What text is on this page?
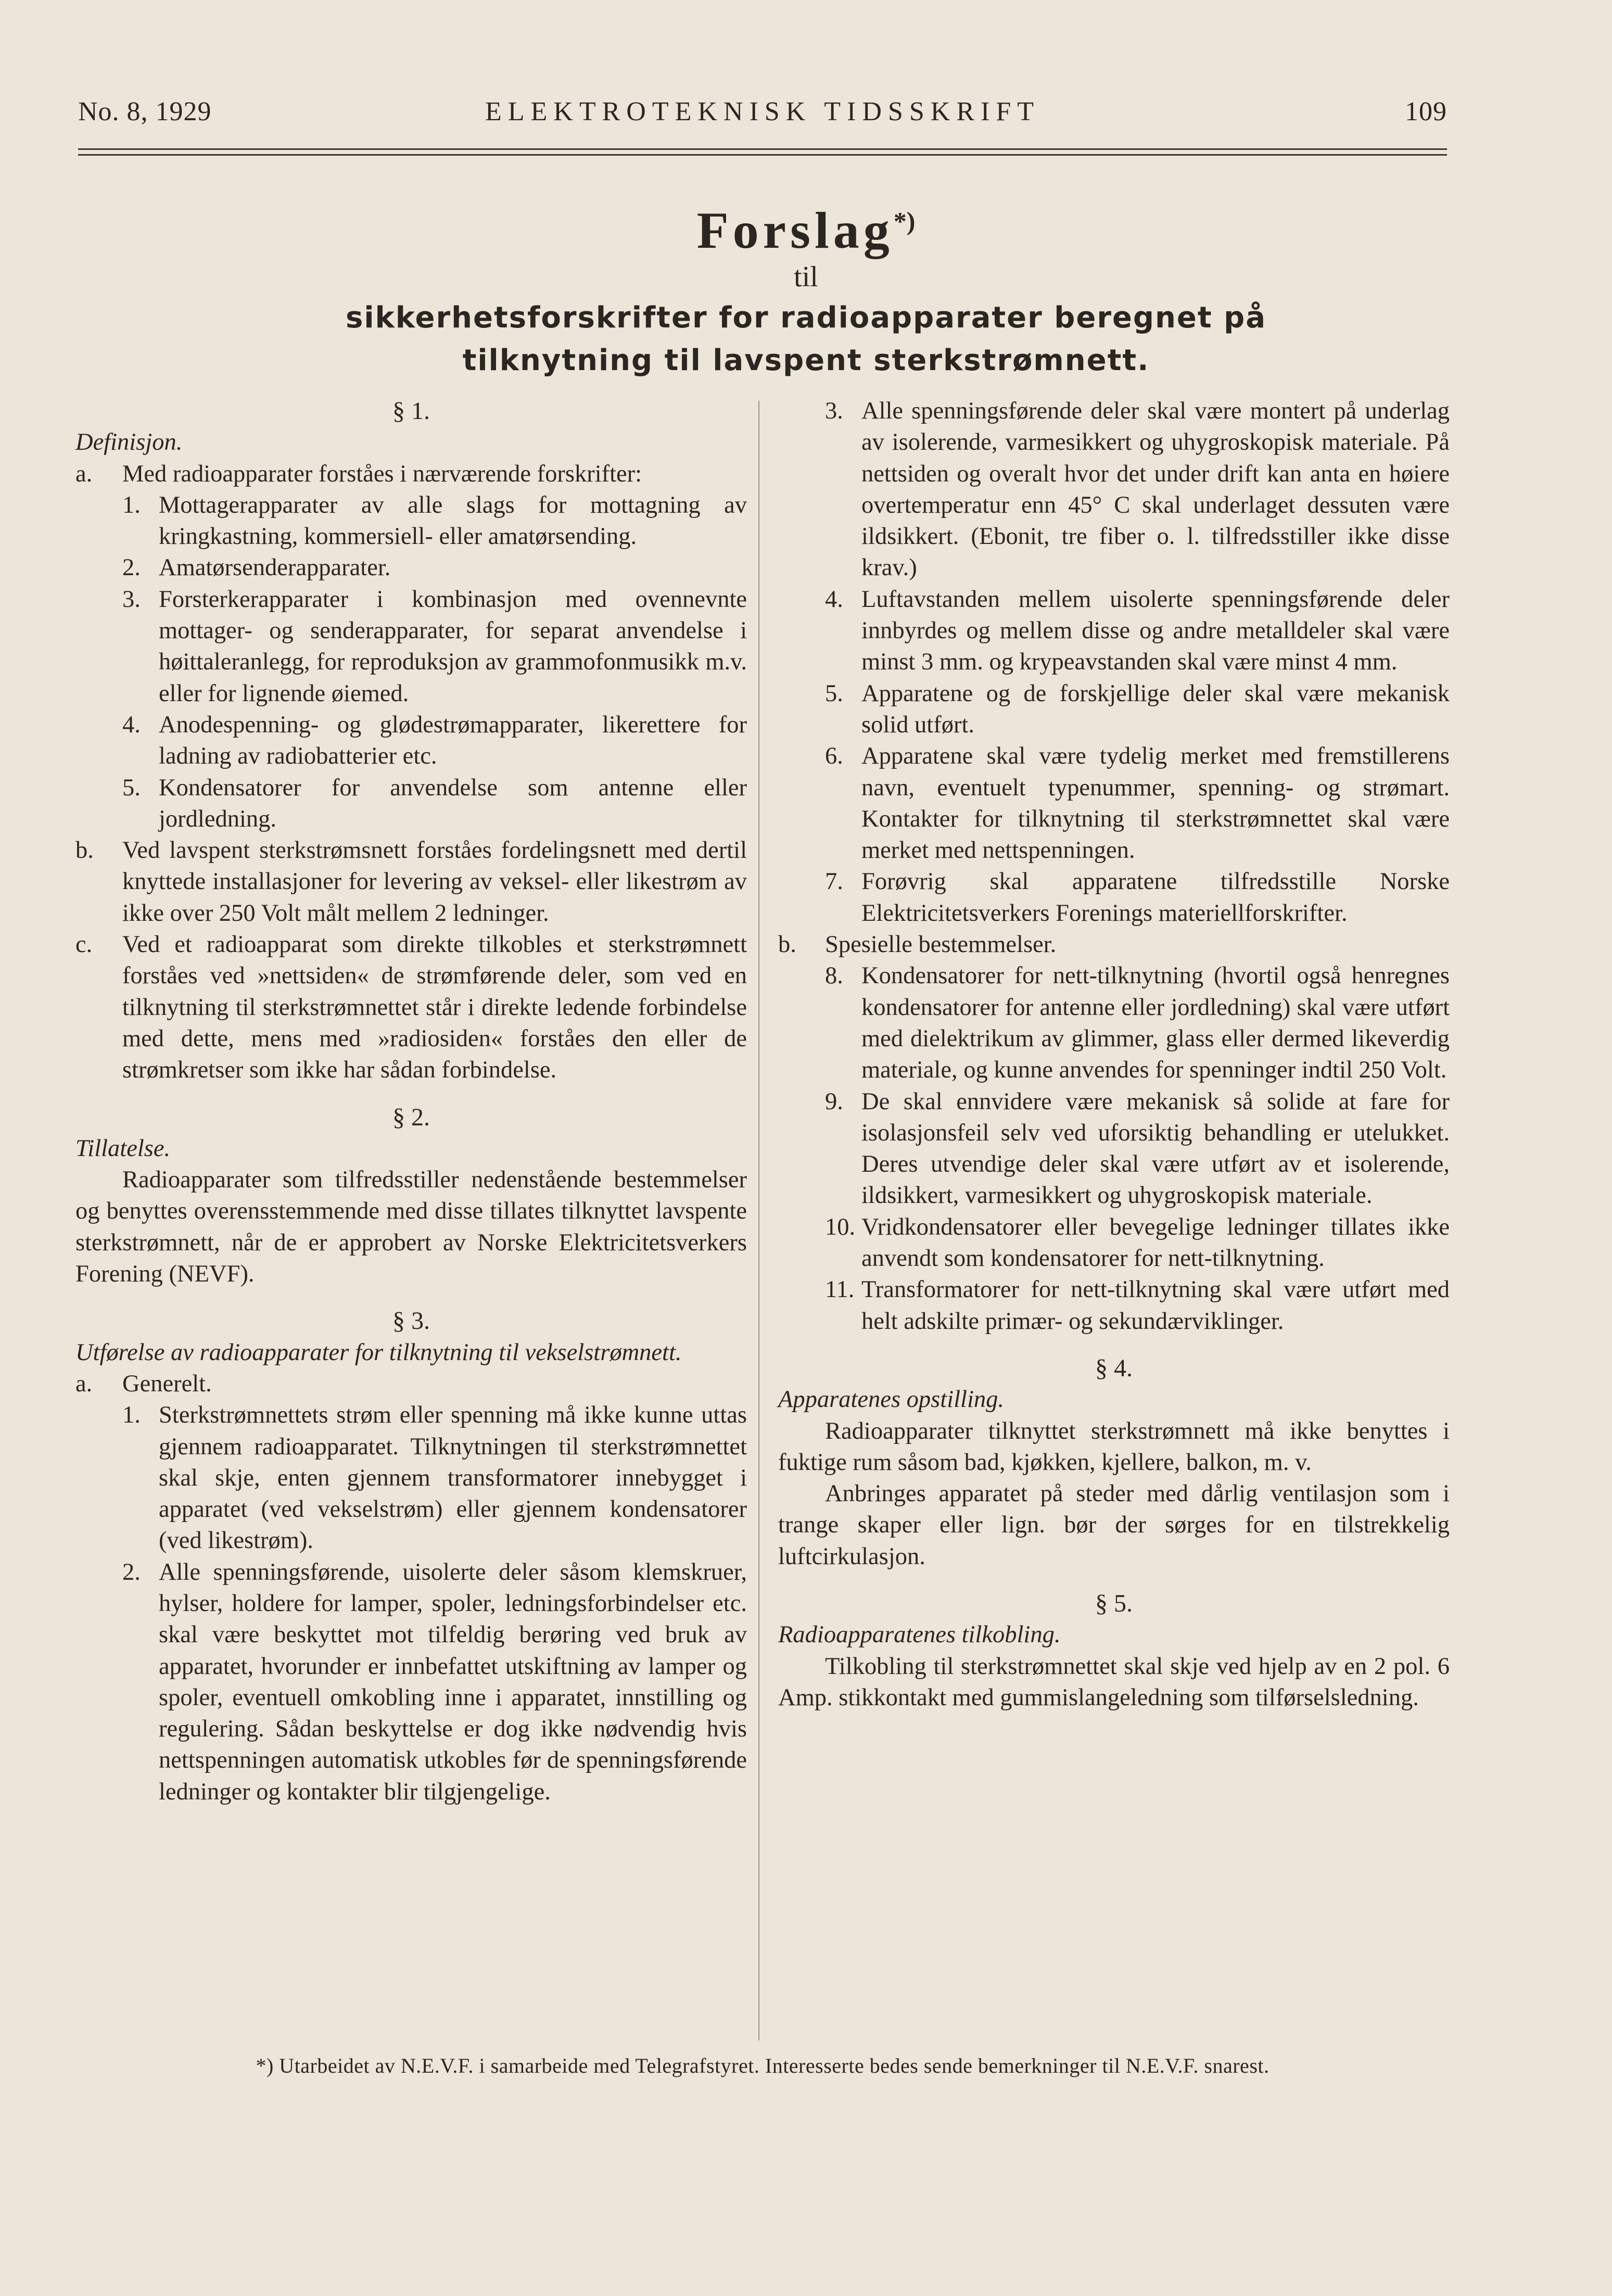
No. 8, 1929	ELEKTROTEKNISK TIDSSKRIFT	109
Forslag*)
til
sikkerhetsforskrifter for radioapparater beregnet på
tilknytning til lavspent sterkstrømnett.

§ 1.

Definisjon.

a. Med radioapparater forståes i nærværende forskrifter:

1. Mottagerapparater av alle slags for mottagning av kringkastning, kommersiell- eller amatørsending.

2. Amatørsenderapparater.

3. Forsterkerapparater i kombinasjon med ovennevnte mottager- og senderapparater, for separat anvendelse i høittaleranlegg, for reproduksjon av grammofonmusikk m.v. eller for lignende øiemed.

4. Anodespenning- og glødestrømapparater, likerettere for ladning av radiobatterier etc.

5. Kondensatorer for anvendelse som antenne eller jordledning.

b. Ved lavspent sterkstrømsnett forståes fordelingsnett med dertil knyttede installasjoner for levering av veksel- eller likestrøm av ikke over 250 Volt målt mellem 2 ledninger.

c. Ved et radioapparat som direkte tilkobles et sterkstrømnett forståes ved »nettsiden« de strømførende deler, som ved en tilknytning til sterkstrømnettet står i direkte ledende forbindelse med dette, mens med »radiosiden« forståes den eller de strømkretser som ikke har sådan forbindelse.

§ 2.

Tillatelse.

Radioapparater som tilfredsstiller nedenstående bestemmelser og benyttes overensstemmende med disse tillates tilknyttet lavspente sterkstrømnett, når de er approbert av Norske Elektricitetsverkers Forening (NEVF).

§ 3.

Utførelse av radioapparater for tilknytning til vekselstrømnett.

a. Generelt.

1. Sterkstrømnettets strøm eller spenning må ikke kunne uttas gjennem radioapparatet. Tilknytningen til sterkstrømnettet skal skje, enten gjennem transformatorer innebygget i apparatet (ved vekselstrøm) eller gjennem kondensatorer (ved likestrøm).

2. Alle spenningsførende, uisolerte deler såsom klemskruer, hylser, holdere for lamper, spoler, ledningsforbindelser etc. skal være beskyttet mot tilfeldig berøring ved bruk av apparatet, hvorunder er innbefattet utskiftning av lamper og spoler, eventuell omkobling inne i apparatet, innstilling og regulering. Sådan beskyttelse er dog ikke nødvendig hvis nettspenningen automatisk utkobles før de spenningsførende ledninger og kontakter blir tilgjengelige.

3. Alle spenningsførende deler skal være montert på underlag av isolerende, varmesikkert og uhygroskopisk materiale. På nettsiden og overalt hvor det under drift kan anta en høiere overtemperatur enn 45° C skal underlaget dessuten være ildsikkert. (Ebonit, tre fiber o. l. tilfredsstiller ikke disse krav.)

4. Luftavstanden mellem uisolerte spenningsførende deler innbyrdes og mellem disse og andre metalldeler skal være minst 3 mm. og krypeavstanden skal være minst 4 mm.

5. Apparatene og de forskjellige deler skal være mekanisk solid utført.

6. Apparatene skal være tydelig merket med fremstillerens navn, eventuelt typenummer, spenning- og strømart. Kontakter for tilknytning til sterkstrømnettet skal være merket med nettspenningen.

7. Forøvrig skal apparatene tilfredsstille Norske Elektricitetsverkers Forenings materiellforskrifter.

b. Spesielle bestemmelser.

8. Kondensatorer for nett-tilknytning (hvortil også henregnes kondensatorer for antenne eller jordledning) skal være utført med dielektrikum av glimmer, glass eller dermed likeverdig materiale, og kunne anvendes for spenninger indtil 250 Volt.

9. De skal ennvidere være mekanisk så solide at fare for isolasjonsfeil selv ved uforsiktig behandling er utelukket. Deres utvendige deler skal være utført av et isolerende, ildsikkert, varmesikkert og uhygroskopisk materiale.

10. Vridkondensatorer eller bevegelige ledninger tillates ikke anvendt som kondensatorer for nett-tilknytning.

11. Transformatorer for nett-tilknytning skal være utført med helt adskilte primær- og sekundærviklinger.

§ 4.

Apparatenes opstilling.

Radioapparater tilknyttet sterkstrømnett må ikke benyttes i fuktige rum såsom bad, kjøkken, kjellere, balkon, m. v.

Anbringes apparatet på steder med dårlig ventilasjon som i trange skaper eller lign. bør der sørges for en tilstrekkelig luftcirkulasjon.

§ 5.

Radioapparatenes tilkobling.

Tilkobling til sterkstrømnettet skal skje ved hjelp av en 2 pol. 6 Amp. stikkontakt med gummislangeledning som tilførselsledning.

*) Utarbeidet av N.E.V.F. i samarbeide med Telegrafstyret. Interesserte bedes sende bemerkninger til N.E.V.F. snarest.
